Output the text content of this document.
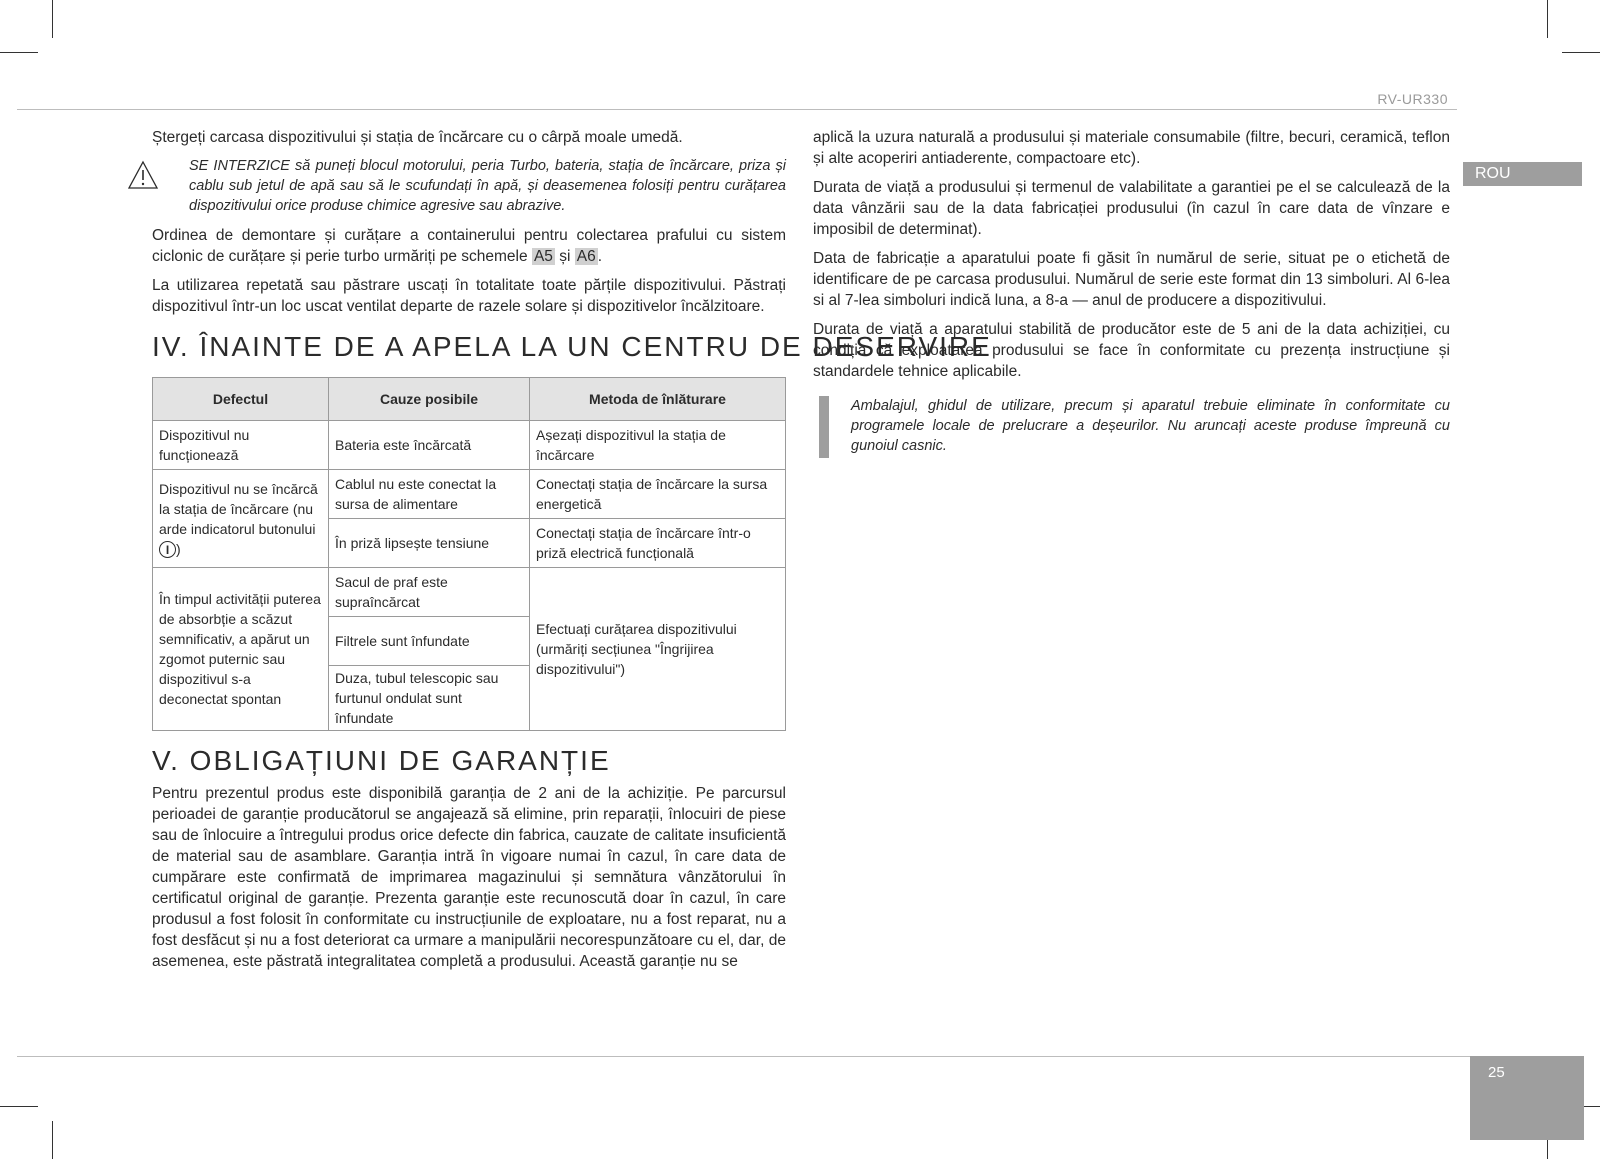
RV-UR330
ROU
25

Ștergeți carcasa dispozitivului și stația de încărcare cu o cârpă moale umedă.

SE INTERZICE să puneți blocul motorului, peria Turbo, bateria, stația de încărcare, priza și cablu sub jetul de apă sau să le scufundați în apă, și deasemenea folosiți pentru curățarea dispozitivului orice produse chimice agresive sau abrazive.

Ordinea de demontare și curățare a containerului pentru colectarea prafului cu sistem ciclonic de curățare și perie turbo urmăriți pe schemele A5 și A6 .

La utilizarea repetată sau păstrare uscați în totalitate toate părțile dispozitivului. Păstrați dispozitivul într-un loc uscat ventilat departe de razele solare și dispozitivelor încălzitoare.

IV. ÎNAINTE DE A APELA LA UN CENTRU DE DESERVIRE
Defectul	Cauze posibile	Metoda de înlăturare
Dispozitivul nu funcționează	Bateria este încărcată	Așezați dispozitivul la stația de încărcare
Dispozitivul nu se încărcă la stația de încărcare (nu arde indicatorul butonului I )	Cablul nu este conectat la sursa de alimentare	Conectați stația de încărcare la sursa energetică
	În priză lipsește tensiune	Conectați stația de încărcare într-o priză electrică funcțională
În timpul activității puterea de absorbție a scăzut semnificativ, a apărut un zgomot puternic sau dispozitivul s-a deconectat spontan	Sacul de praf este supraîncărcat	Efectuați curățarea dispozitivului (urmăriți secțiunea "Îngrijirea dispozitivului")
	Filtrele sunt înfundate	
	Duza, tubul telescopic sau furtunul ondulat sunt înfundate	
V. OBLIGAȚIUNI DE GARANȚIE

Pentru prezentul produs este disponibilă garanția de 2 ani de la achiziție. Pe parcursul perioadei de garanție producătorul se angajează să elimine, prin reparații, înlocuiri de piese sau de înlocuire a întregului produs orice defecte din fabrica, cauzate de calitate insuficientă de material sau de asamblare. Garanția intră în vigoare numai în cazul, în care data de cumpărare este confirmată de imprimarea magazinului și semnătura vânzătorului în certificatul original de garanție. Prezenta garanție este recunoscută doar în cazul, în care produsul a fost folosit în conformitate cu instrucțiunile de exploatare, nu a fost reparat, nu a fost desfăcut și nu a fost deteriorat ca urmare a manipulării necorespunzătoare cu el, dar, de asemenea, este păstrată integralitatea completă a produsului. Această garanție nu se

aplică la uzura naturală a produsului și materiale consumabile (filtre, becuri, ceramică, teflon și alte acoperiri antiaderente, compactoare etc).

Durata de viață a produsului și termenul de valabilitate a garantiei pe el se calculează de la data vânzării sau de la data fabricației produsului (în cazul în care data de vînzare e imposibil de determinat).

Data de fabricație a aparatului poate fi găsit în numărul de serie, situat pe o etichetă de identificare de pe carcasa produsului. Numărul de serie este format din 13 simboluri. Al 6-lea si al 7-lea simboluri indică luna, a 8-a — anul de producere a dispozitivului.

Durata de viață a aparatului stabilită de producător este de 5 ani de la data achiziției, cu condiția că exploatarea produsului se face în conformitate cu prezența instrucțiune și standardele tehnice aplicabile.

Ambalajul, ghidul de utilizare, precum și aparatul trebuie eliminate în conformitate cu programele locale de prelucrare a deșeurilor. Nu aruncați aceste produse împreună cu gunoiul casnic.
